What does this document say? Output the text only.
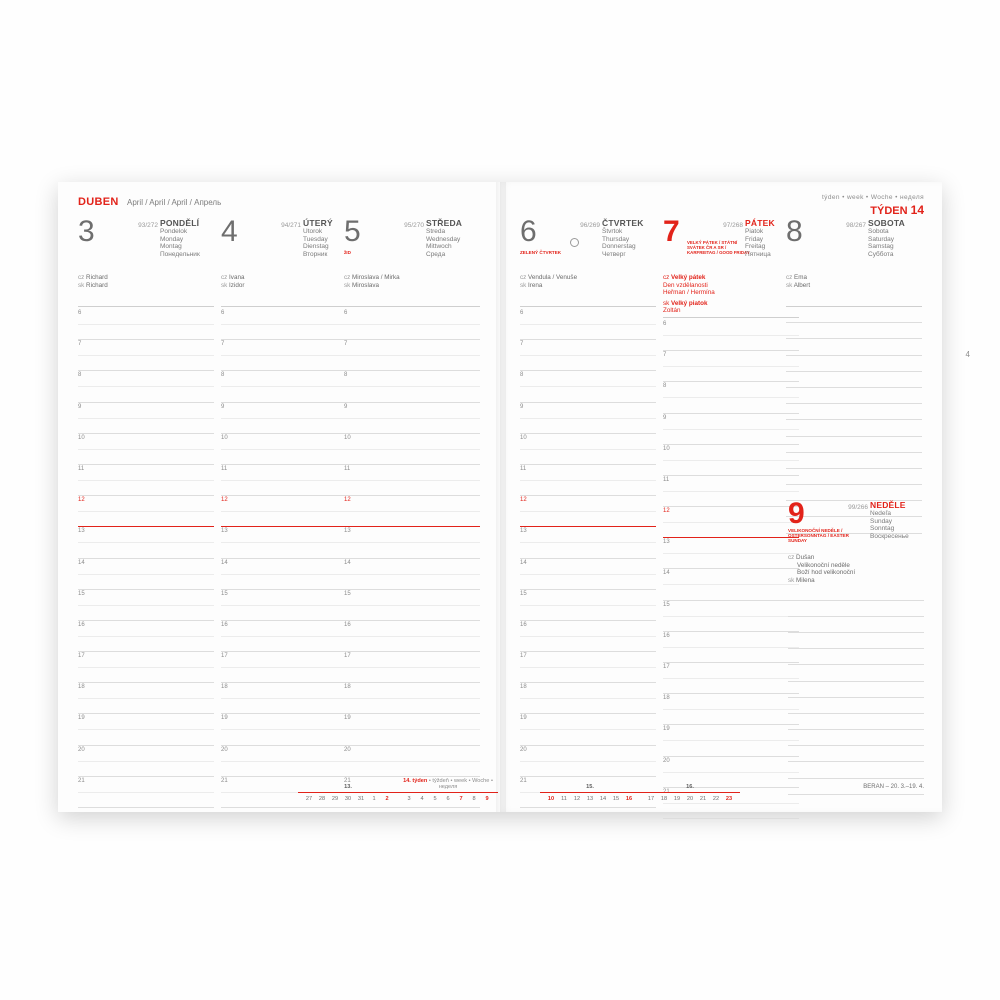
DUBEN April / April / April / Апрель
3	93/272 PONDĚLÍ
Pondelok
Monday
Montag
Понедельник
cz Richard
sk Richard
6
7
8
9
10
11
12
13
14
15
16
17
18
19
20
21
4	94/271 ÚTERÝ
Utorok
Tuesday
Dienstag
Вторник
cz Ivana
sk Izidor
6
7
8
9
10
11
12
13
14
15
16
17
18
19
20
21
5	95/270
žID
STŘEDA
Streda
Wednesday
Mittwoch
Среда
cz Miroslava / Mirka
sk Miroslava
6
7
8
9
10
11
12
13
14
15
16
17
18
19
20
21
13.
27 28 29 30 31 1 2
14. týden • týždeň • week • Woche • неделя
3 4 5 6 7 8 9
týden • week • Woche • неделя
TÝDEN 14
6	96/269
ZELENÝ ČTVRTEK
ČTVRTEK
Štvrtok
Thursday
Donnerstag
Четверг
cz Vendula / Venuše
sk Irena
6
7
8
9
10
11
12
13
14
15
16
17
18
19
20
21
7	97/268
VELKÝ PÁTEK / STÁTNÍ SVÁTEK ČR A SR / KARFREITAG / GOOD FRIDAY
PÁTEK
Piatok
Friday
Freitag
Пятница
cz Velký pátek
Den vzdělanosti
Heřman / Hermína
sk Velký piatok
Zoltán
6
7
8
9
10
11
12
13
14
15
16
17
18
19
20
21
8	98/267 SOBOTA
Sobota
Saturday
Samstag
Суббота
cz Ema
sk Albert
9	99/266
VELIKONOČNÍ NEDĚLE / OSTERSONNTAG / EASTER SUNDAY
NEDĚLE
Nedeľa
Sunday
Sonntag
Воскресенье
cz Dušan
Velikonoční neděle
Boží hod velikonoční
sk Milena
15.
10 11 12 13 14 15 16
16.
17 18 19 20 21 22 23
BERAN – 20. 3.–19. 4.
4
